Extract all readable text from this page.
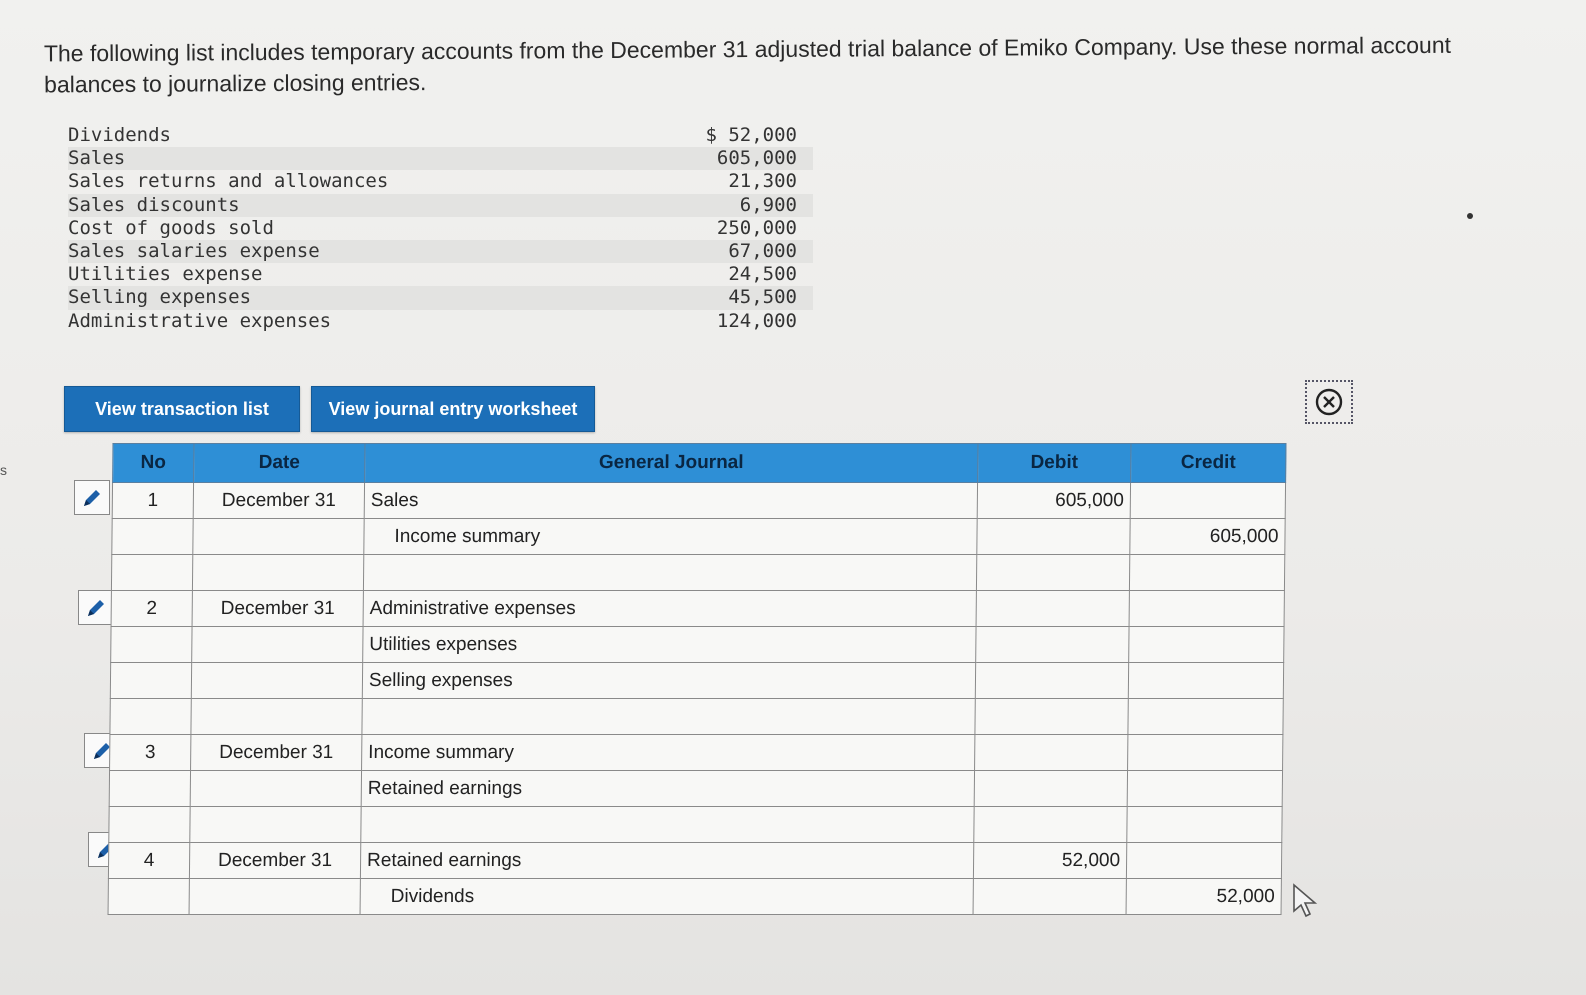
The following list includes temporary accounts from the December 31 adjusted trial balance of Emiko Company. Use these normal account balances to journalize closing entries.
Dividends	$ 52,000
Sales	605,000
Sales returns and allowances	21,300
Sales discounts	6,900
Cost of goods sold	250,000
Sales salaries expense	67,000
Utilities expense	24,500
Selling expenses	45,500
Administrative expenses	124,000
s
View transaction list	View journal entry worksheet
No	Date	General Journal	Debit	Credit
1	December 31	Sales	605,000	
		Income summary		605,000

2	December 31	Administrative expenses		
		Utilities expenses		
		Selling expenses		

3	December 31	Income summary		
		Retained earnings		

4	December 31	Retained earnings	52,000	
		Dividends		52,000
